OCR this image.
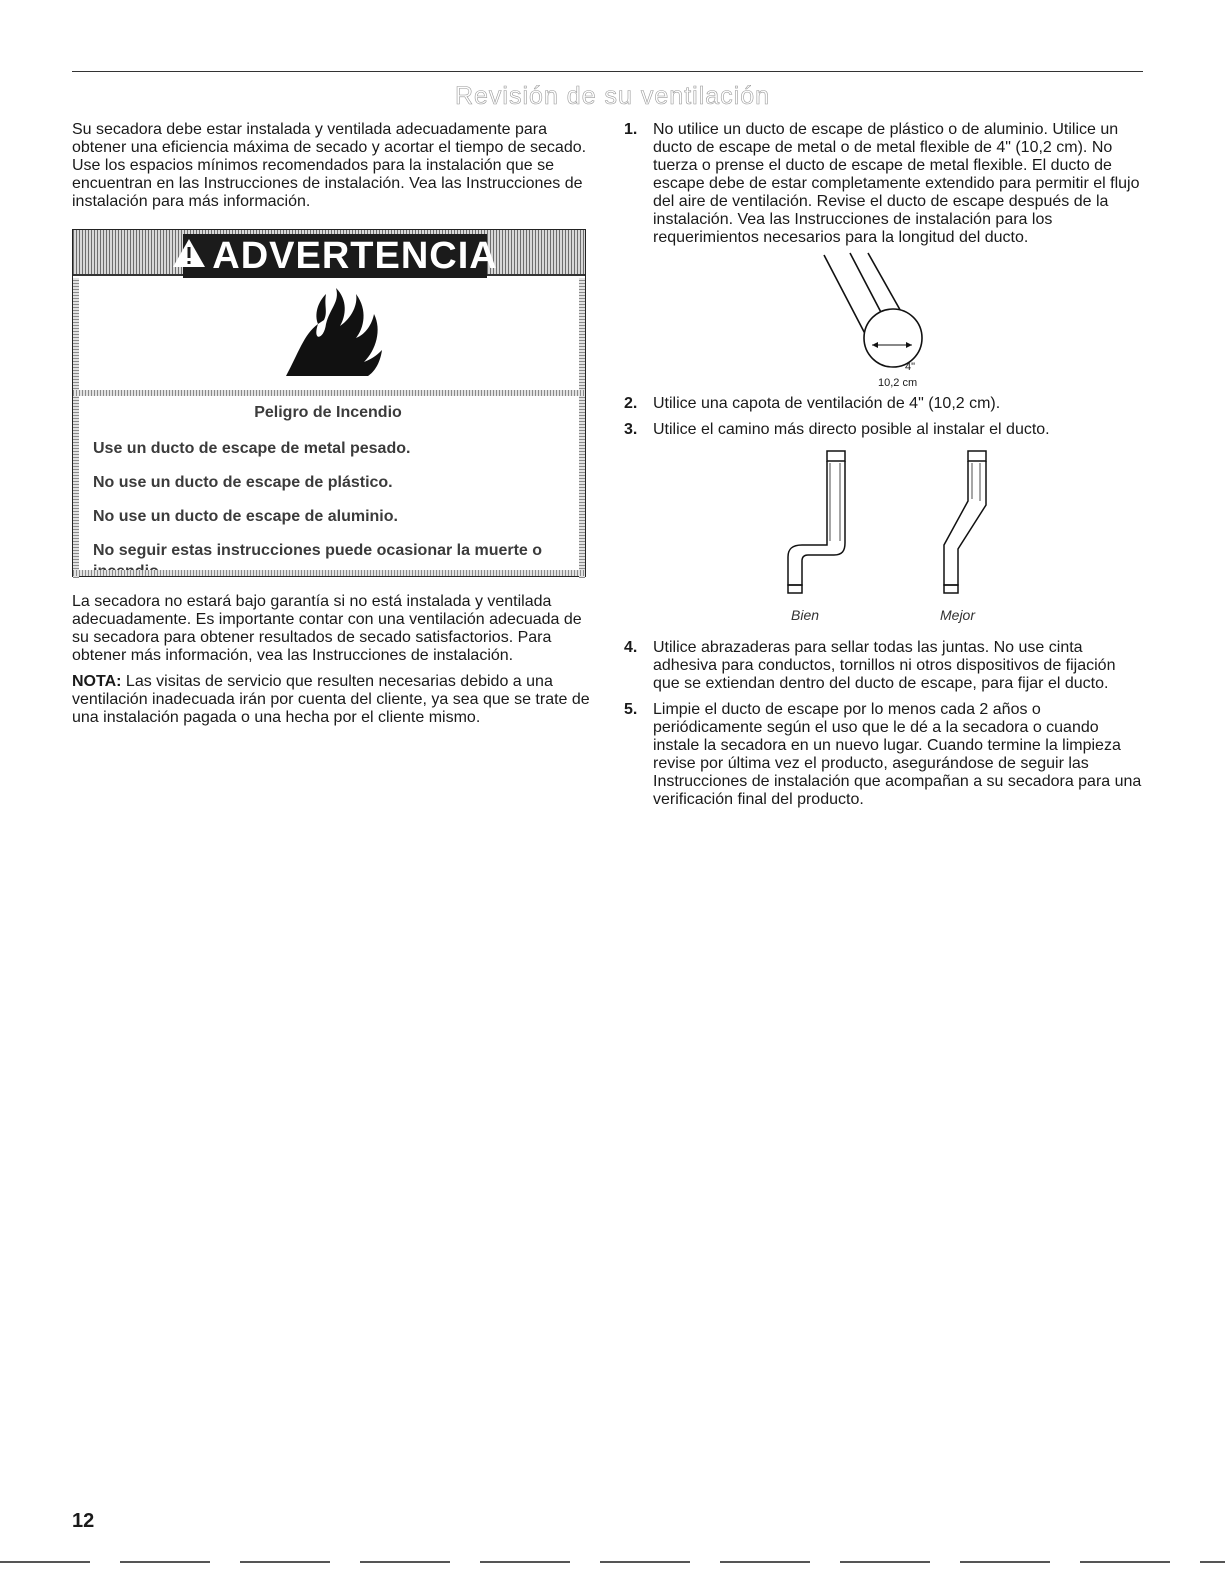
Revisión de su ventilación

Su secadora debe estar instalada y ventilada adecuadamente para obtener una eficiencia máxima de secado y acortar el tiempo de secado. Use los espacios mínimos recomendados para la instalación que se encuentran en las Instrucciones de instalación. Vea las Instrucciones de instalación para más información.

ADVERTENCIA
Peligro de Incendio
Use un ducto de escape de metal pesado.
No use un ducto de escape de plástico.
No use un ducto de escape de aluminio.
No seguir estas instrucciones puede ocasionar la muerte o

La secadora no estará bajo garantía si no está instalada y ventilada adecuadamente. Es importante contar con una ventilación adecuada de su secadora para obtener resultados de secado satisfactorios. Para obtener más información, vea las Instrucciones de instalación.

NOTA: Las visitas de servicio que resulten necesarias debido a una ventilación inadecuada irán por cuenta del cliente, ya sea que se trate de una instalación pagada o una hecha por el cliente mismo.

1. No utilice un ducto de escape de plástico o de aluminio. Utilice un ducto de escape de metal o de metal flexible de 4" (10,2 cm). No tuerza o prense el ducto de escape de metal flexible. El ducto de escape debe de estar completamente extendido para permitir el flujo del aire de ventilación. Revise el ducto de escape después de la instalación. Vea las Instrucciones de instalación para los requerimientos necesarios para la longitud del ducto.
4"
10,2 cm
2. Utilice una capota de ventilación de 4" (10,2 cm).
3. Utilice el camino más directo posible al instalar el ducto.
Bien	Mejor
4. Utilice abrazaderas para sellar todas las juntas. No use cinta adhesiva para conductos, tornillos ni otros dispositivos de fijación que se extiendan dentro del ducto de escape, para fijar el ducto.
5. Limpie el ducto de escape por lo menos cada 2 años o periódicamente según el uso que le dé a la secadora o cuando instale la secadora en un nuevo lugar. Cuando termine la limpieza revise por última vez el producto, asegurándose de seguir las Instrucciones de instalación que acompañan a su secadora para una verificación final del producto.
12
